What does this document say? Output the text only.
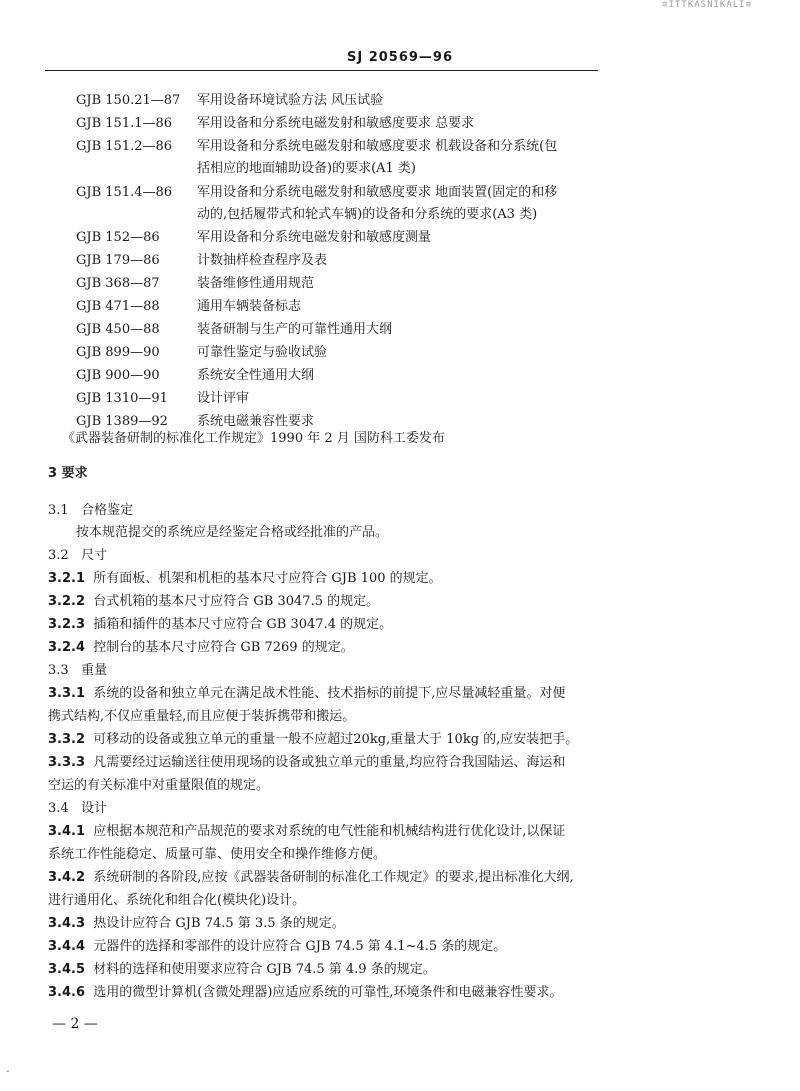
≡ITTKASNIKALI≡
SJ 20569—96
GJB 150.21—87	军用设备环境试验方法 风压试验
GJB 151.1—86	军用设备和分系统电磁发射和敏感度要求 总要求
GJB 151.2—86	军用设备和分系统电磁发射和敏感度要求 机载设备和分系统(包
括相应的地面辅助设备)的要求(A1 类)
GJB 151.4—86	军用设备和分系统电磁发射和敏感度要求 地面装置(固定的和移
动的,包括履带式和轮式车辆)的设备和分系统的要求(A3 类)
GJB 152—86	军用设备和分系统电磁发射和敏感度测量
GJB 179—86	计数抽样检查程序及表
GJB 368—87	装备维修性通用规范
GJB 471—88	通用车辆装备标志
GJB 450—88	装备研制与生产的可靠性通用大纲
GJB 899—90	可靠性鉴定与验收试验
GJB 900—90	系统安全性通用大纲
GJB 1310—91	设计评审
GJB 1389—92	系统电磁兼容性要求
《武器装备研制的标准化工作规定》1990 年 2 月 国防科工委发布
3 要求
3.1 合格鉴定
按本规范提交的系统应是经鉴定合格或经批准的产品。
3.2 尺寸
3.2.1 所有面板、机架和机柜的基本尺寸应符合 GJB 100 的规定。
3.2.2 台式机箱的基本尺寸应符合 GB 3047.5 的规定。
3.2.3 插箱和插件的基本尺寸应符合 GB 3047.4 的规定。
3.2.4 控制台的基本尺寸应符合 GB 7269 的规定。
3.3 重量
3.3.1 系统的设备和独立单元在满足战术性能、技术指标的前提下,应尽量减轻重量。对便
携式结构,不仅应重量轻,而且应便于装拆携带和搬运。
3.3.2 可移动的设备或独立单元的重量一般不应超过20kg,重量大于 10kg 的,应安装把手。
3.3.3 凡需要经过运输送往使用现场的设备或独立单元的重量,均应符合我国陆运、海运和
空运的有关标准中对重量限值的规定。
3.4 设计
3.4.1 应根据本规范和产品规范的要求对系统的电气性能和机械结构进行优化设计,以保证
系统工作性能稳定、质量可靠、使用安全和操作维修方便。
3.4.2 系统研制的各阶段,应按《武器装备研制的标准化工作规定》的要求,提出标准化大纲,
进行通用化、系统化和组合化(模块化)设计。
3.4.3 热设计应符合 GJB 74.5 第 3.5 条的规定。
3.4.4 元器件的选择和零部件的设计应符合 GJB 74.5 第 4.1~4.5 条的规定。
3.4.5 材料的选择和使用要求应符合 GJB 74.5 第 4.9 条的规定。
3.4.6 选用的微型计算机(含微处理器)应适应系统的可靠性,环境条件和电磁兼容性要求。
— 2 —
-
